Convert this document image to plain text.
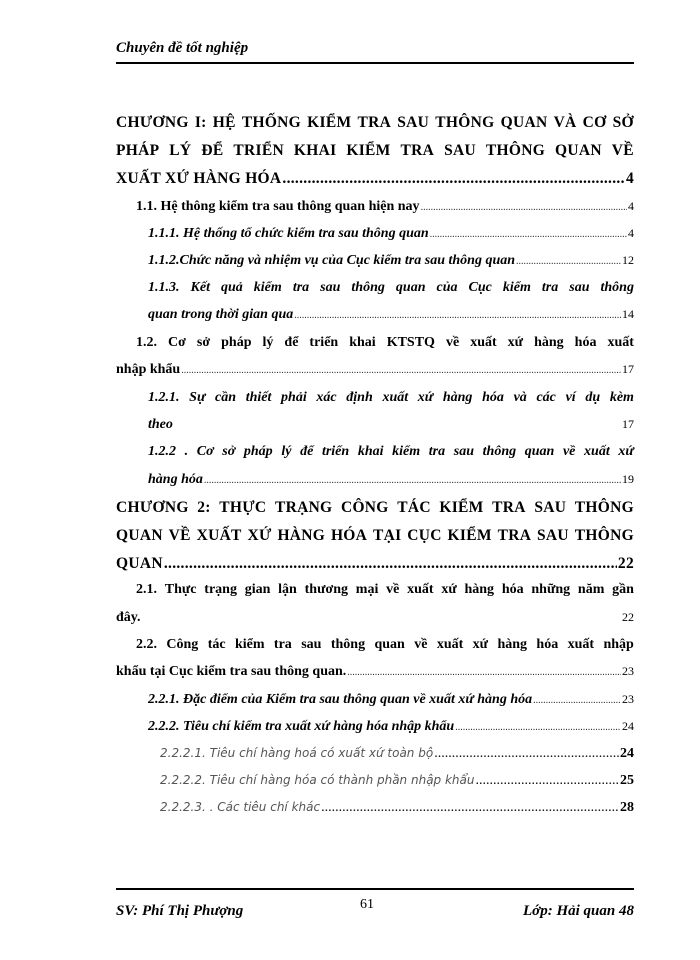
Chuyên đề tốt nghiệp
CHƯƠNG I: HỆ THỐNG KIỂM TRA SAU THÔNG QUAN VÀ CƠ SỞ
PHÁP LÝ ĐỂ TRIỂN KHAI KIỂM TRA SAU THÔNG QUAN VỀ
XUẤT XỨ HÀNG HÓA .....	4
1.1. Hệ thông kiểm tra sau thông quan hiện nay .....	4
1.1.1. Hệ thống tổ chức kiểm tra sau thông quan .....	4
1.1.2.Chức năng và nhiệm vụ của Cục kiểm tra sau thông quan .....	12
1.1.3. Kết quả kiểm tra sau thông quan của Cục kiểm tra sau thông
quan trong thời gian qua .....	14
1.2. Cơ sở pháp lý để triển khai KTSTQ về xuất xứ hàng hóa xuất
nhập khẩu .....	17
1.2.1. Sự cần thiết phải xác định xuất xứ hàng hóa và các ví dụ kèm
theo	17
1.2.2 . Cơ sở pháp lý để triển khai kiểm tra sau thông quan về xuất xứ
hàng hóa .....	19
CHƯƠNG 2: THỰC TRẠNG CÔNG TÁC KIỂM TRA SAU THÔNG
QUAN VỀ XUẤT XỨ HÀNG HÓA TẠI CỤC KIỂM TRA SAU THÔNG
QUAN .....	22
2.1. Thực trạng gian lận thương mại về xuất xứ hàng hóa những năm gần
đây.	22
2.2. Công tác kiểm tra sau thông quan về xuất xứ hàng hóa xuất nhập
khẩu tại Cục kiểm tra sau thông quan. .....	23
2.2.1. Đặc điểm của Kiểm tra sau thông quan về xuất xứ hàng hóa .....	23
2.2.2. Tiêu chí kiểm tra xuất xứ hàng hóa nhập khẩu .....	24
2.2.2.1. Tiêu chí hàng hoá có xuất xứ toàn bộ .....	24
2.2.2.2. Tiêu chí hàng hóa có thành phần nhập khẩu .....	25
2.2.2.3. . Các tiêu chí khác .....	28
SV: Phí Thị Phượng	61	Lớp: Hải quan 48
